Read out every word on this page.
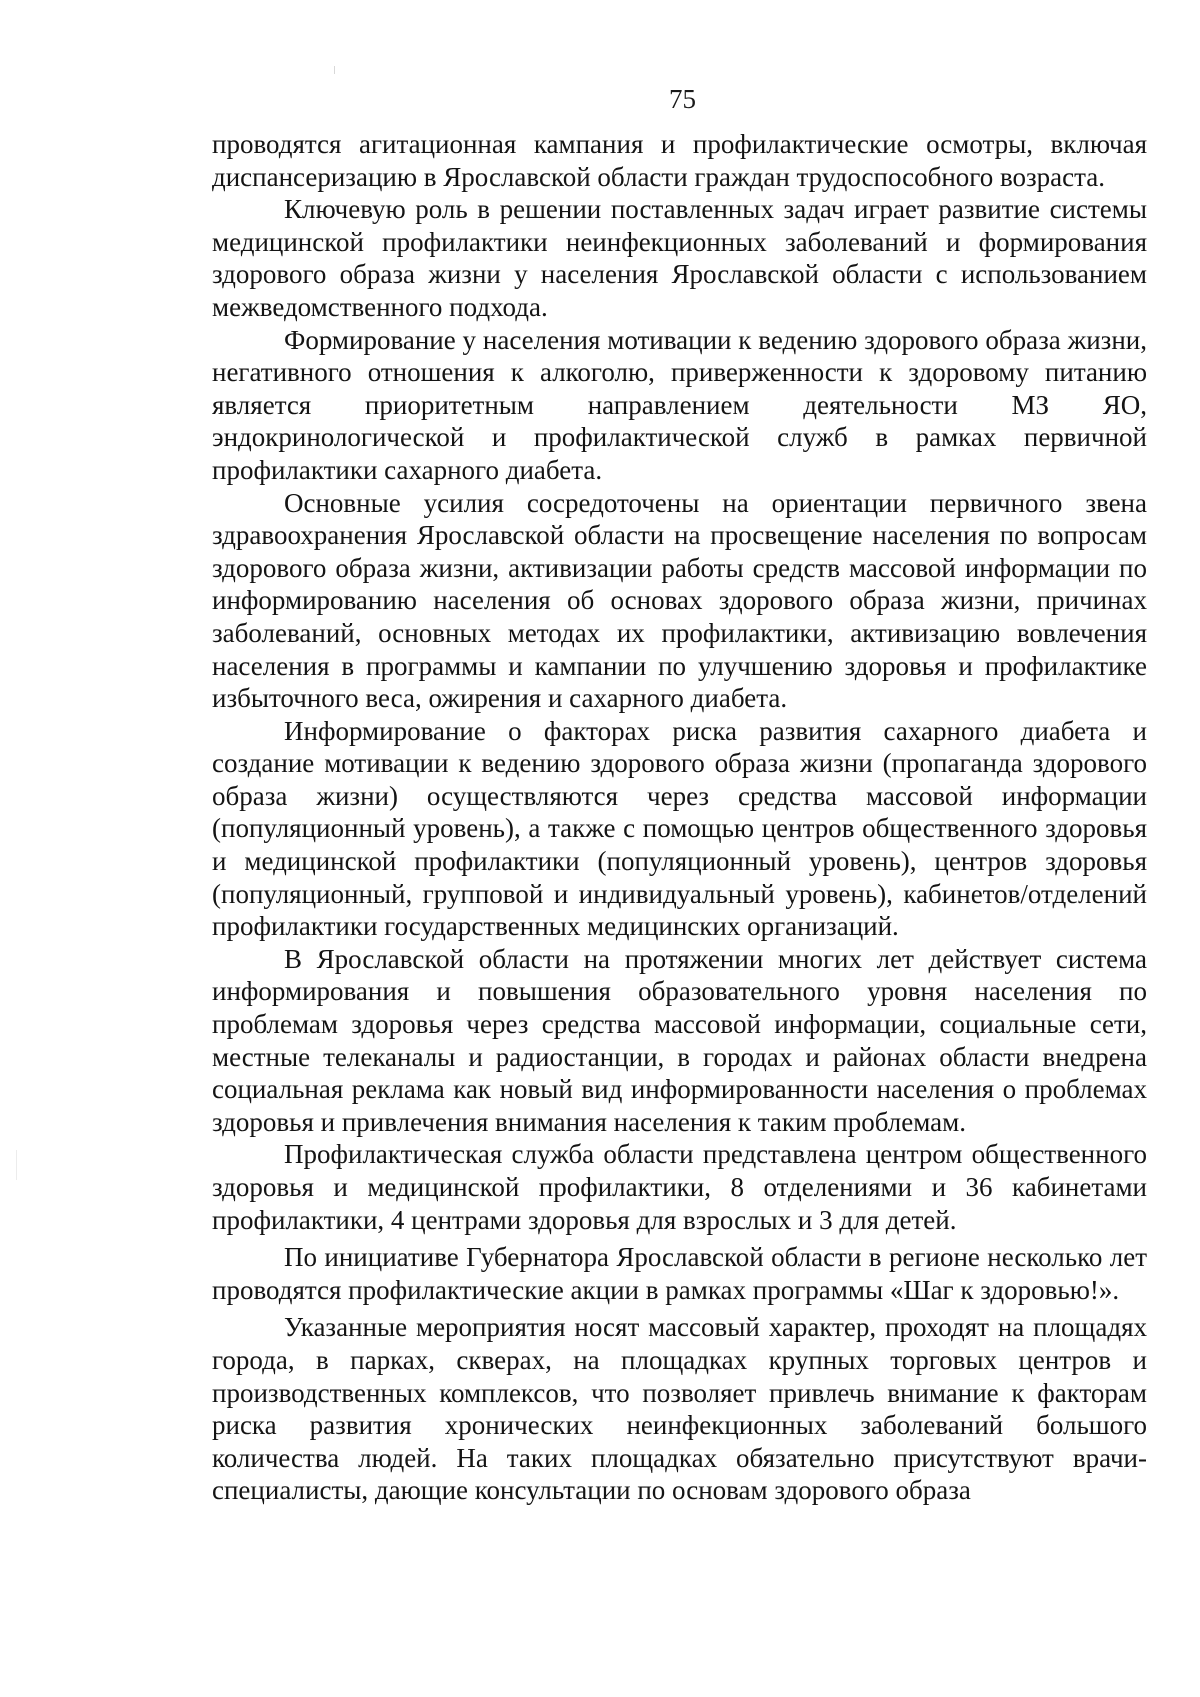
75

проводятся агитационная кампания и профилактические осмотры, включая диспансеризацию в Ярославской области граждан трудоспособного возраста.

Ключевую роль в решении поставленных задач играет развитие системы медицинской профилактики неинфекционных заболеваний и формирования здорового образа жизни у населения Ярославской области с использованием межведомственного подхода.

Формирование у населения мотивации к ведению здорового образа жизни, негативного отношения к алкоголю, приверженности к здоровому питанию является приоритетным направлением деятельности МЗ ЯО, эндокринологической и профилактической служб в рамках первичной профилактики сахарного диабета.

Основные усилия сосредоточены на ориентации первичного звена здравоохранения Ярославской области на просвещение населения по вопросам здорового образа жизни, активизации работы средств массовой информации по информированию населения об основах здорового образа жизни, причинах заболеваний, основных методах их профилактики, активизацию вовлечения населения в программы и кампании по улучшению здоровья и профилактике избыточного веса, ожирения и сахарного диабета.

Информирование о факторах риска развития сахарного диабета и создание мотивации к ведению здорового образа жизни (пропаганда здорового образа жизни) осуществляются через средства массовой информации (популяционный уровень), а также с помощью центров общественного здоровья и медицинской профилактики (популяционный уровень), центров здоровья (популяционный, групповой и индивидуальный уровень), кабинетов/отделений профилактики государственных медицинских организаций.

В Ярославской области на протяжении многих лет действует система информирования и повышения образовательного уровня населения по проблемам здоровья через средства массовой информации, социальные сети, местные телеканалы и радиостанции, в городах и районах области внедрена социальная реклама как новый вид информированности населения о проблемах здоровья и привлечения внимания населения к таким проблемам.

Профилактическая служба области представлена центром общественного здоровья и медицинской профилактики, 8 отделениями и 36 кабинетами профилактики, 4 центрами здоровья для взрослых и 3 для детей.

По инициативе Губернатора Ярославской области в регионе несколько лет проводятся профилактические акции в рамках программы «Шаг к здоровью!».

Указанные мероприятия носят массовый характер, проходят на площадях города, в парках, скверах, на площадках крупных торговых центров и производственных комплексов, что позволяет привлечь внимание к факторам риска развития хронических неинфекционных заболеваний большого количества людей. На таких площадках обязательно присутствуют врачи-специалисты, дающие консультации по основам здорового образа
